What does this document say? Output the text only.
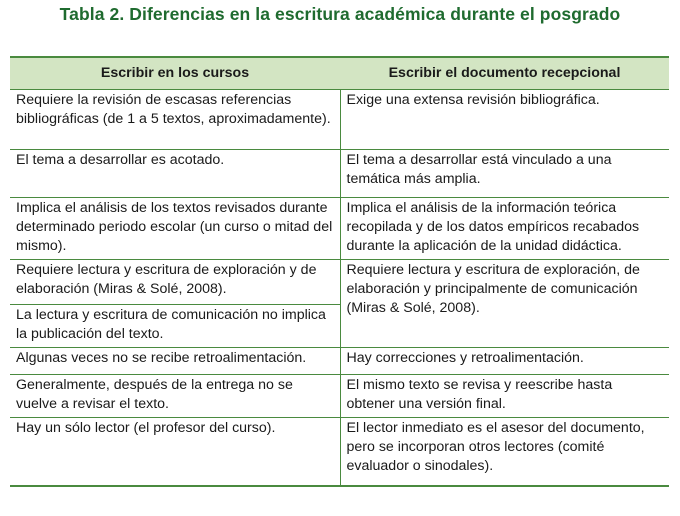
Tabla 2. Diferencias en la escritura académica durante el posgrado
Escribir en los cursos	Escribir el documento recepcional
Requiere la revisión de escasas referencias bibliográficas (de 1 a 5 textos, aproximadamente).	Exige una extensa revisión bibliográfica.
El tema a desarrollar es acotado.	El tema a desarrollar está vinculado a una temática más amplia.
Implica el análisis de los textos revisados durante determinado periodo escolar (un curso o mitad del mismo).	Implica el análisis de la información teórica recopilada y de los datos empíricos recabados durante la aplicación de la unidad didáctica.
Requiere lectura y escritura de exploración y de elaboración (Miras & Solé, 2008).	Requiere lectura y escritura de exploración, de elaboración y principalmente de comunicación (Miras & Solé, 2008).
La lectura y escritura de comunicación no implica la publicación del texto.	
Algunas veces no se recibe retroalimentación.	Hay correcciones y retroalimentación.
Generalmente, después de la entrega no se vuelve a revisar el texto.	El mismo texto se revisa y reescribe hasta obtener una versión final.
Hay un sólo lector (el profesor del curso).	El lector inmediato es el asesor del documento, pero se incorporan otros lectores (comité evaluador o sinodales).
